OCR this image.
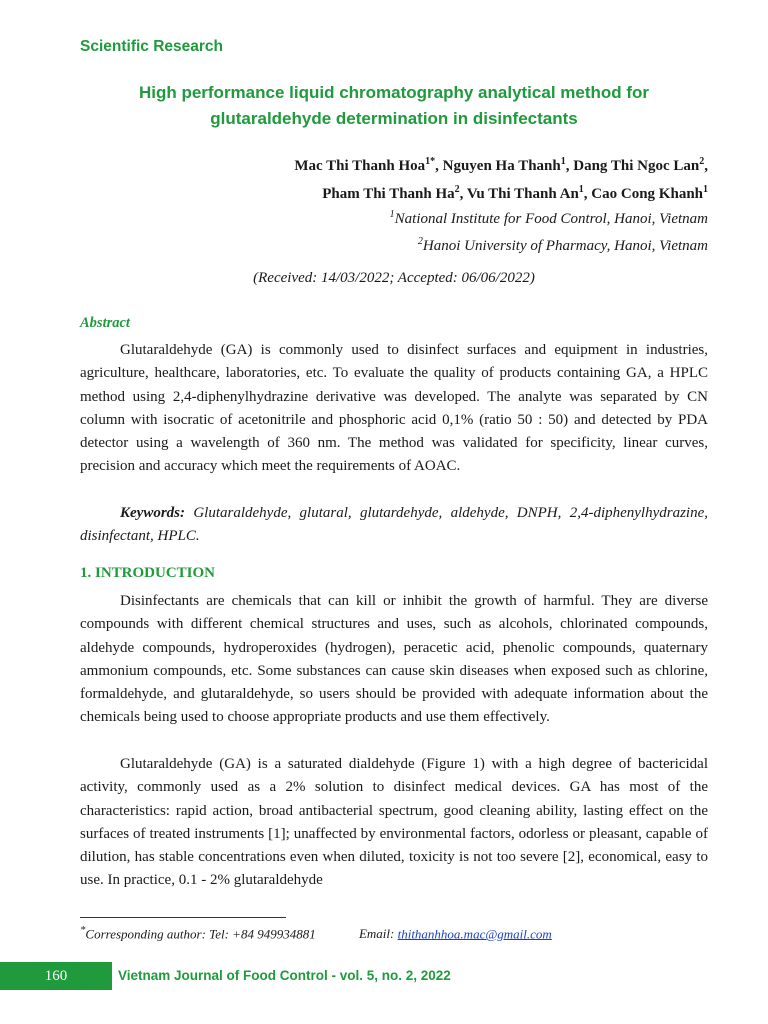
Scientific Research
High performance liquid chromatography analytical method for
glutaraldehyde determination in disinfectants
Mac Thi Thanh Hoa$^{1*}$, Nguyen Ha Thanh$^1$, Dang Thi Ngoc Lan$^2$,
Pham Thi Thanh Ha$^2$, Vu Thi Thanh An$^1$, Cao Cong Khanh$^1$
$^1$National Institute for Food Control, Hanoi, Vietnam
$^2$Hanoi University of Pharmacy, Hanoi, Vietnam
(Received: 14/03/2022; Accepted: 06/06/2022)
Abstract

Glutaraldehyde (GA) is commonly used to disinfect surfaces and equipment in industries, agriculture, healthcare, laboratories, etc. To evaluate the quality of products containing GA, a HPLC method using 2,4-diphenylhydrazine derivative was developed. The analyte was separated by CN column with isocratic of acetonitrile and phosphoric acid 0,1% (ratio 50 : 50) and detected by PDA detector using a wavelength of 360 nm. The method was validated for specificity, linear curves, precision and accuracy which meet the requirements of AOAC.

Keywords: Glutaraldehyde, glutaral, glutardehyde, aldehyde, DNPH, 2,4-diphenylhydrazine, disinfectant, HPLC.

1. INTRODUCTION

Disinfectants are chemicals that can kill or inhibit the growth of harmful. They are diverse compounds with different chemical structures and uses, such as alcohols, chlorinated compounds, aldehyde compounds, hydroperoxides (hydrogen), peracetic acid, phenolic compounds, quaternary ammonium compounds, etc. Some substances can cause skin diseases when exposed such as chlorine, formaldehyde, and glutaraldehyde, so users should be provided with adequate information about the chemicals being used to choose appropriate products and use them effectively.

Glutaraldehyde (GA) is a saturated dialdehyde (Figure 1) with a high degree of bactericidal activity, commonly used as a 2% solution to disinfect medical devices. GA has most of the characteristics: rapid action, broad antibacterial spectrum, good cleaning ability, lasting effect on the surfaces of treated instruments [1]; unaffected by environmental factors, odorless or pleasant, capable of dilution, has stable concentrations even when diluted, toxicity is not too severe [2], economical, easy to use. In practice, 0.1 - 2% glutaraldehyde

*Corresponding author: Tel: +84 949934881	Email: thithanhhoa.mac@gmail.com
160	Vietnam Journal of Food Control - vol. 5, no. 2, 2022
